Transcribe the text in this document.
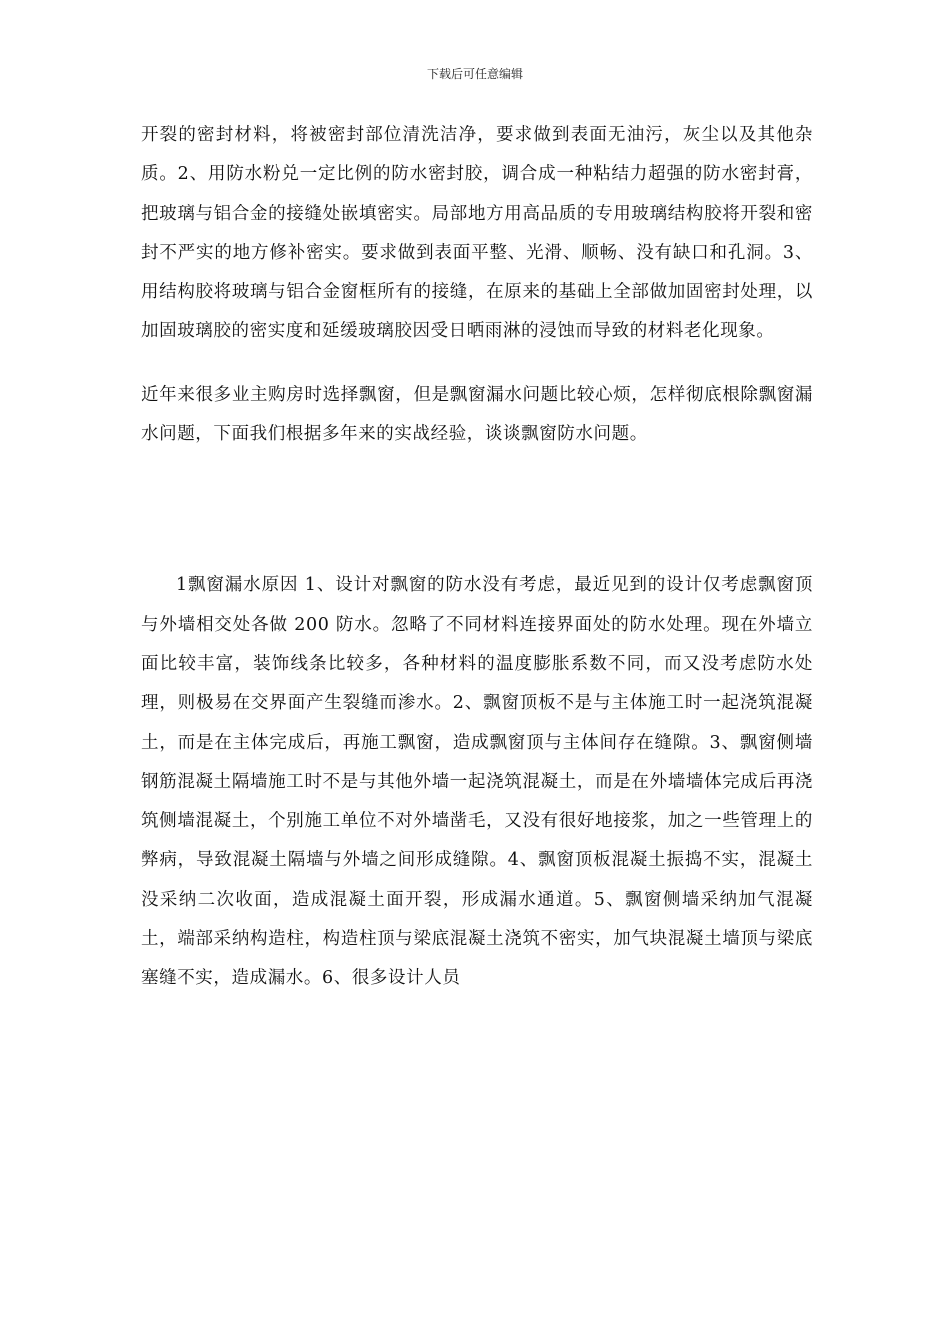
下载后可任意编辑

开裂的密封材料，将被密封部位清洗洁净，要求做到表面无油污，灰尘以及其他杂质。2、用防水粉兑一定比例的防水密封胶，调合成一种粘结力超强的防水密封膏，把玻璃与铝合金的接缝处嵌填密实。局部地方用高品质的专用玻璃结构胶将开裂和密封不严实的地方修补密实。要求做到表面平整、光滑、顺畅、没有缺口和孔洞。3、用结构胶将玻璃与铝合金窗框所有的接缝，在原来的基础上全部做加固密封处理，以加固玻璃胶的密实度和延缓玻璃胶因受日晒雨淋的浸蚀而导致的材料老化现象。

近年来很多业主购房时选择飘窗，但是飘窗漏水问题比较心烦，怎样彻底根除飘窗漏水问题，下面我们根据多年来的实战经验，谈谈飘窗防水问题。

1飘窗漏水原因 1、设计对飘窗的防水没有考虑，最近见到的设计仅考虑飘窗顶与外墙相交处各做 200 防水。忽略了不同材料连接界面处的防水处理。现在外墙立面比较丰富，装饰线条比较多，各种材料的温度膨胀系数不同，而又没考虑防水处理，则极易在交界面产生裂缝而渗水。2、飘窗顶板不是与主体施工时一起浇筑混凝土，而是在主体完成后，再施工飘窗，造成飘窗顶与主体间存在缝隙。3、飘窗侧墙钢筋混凝土隔墙施工时不是与其他外墙一起浇筑混凝土，而是在外墙墙体完成后再浇筑侧墙混凝土，个别施工单位不对外墙凿毛，又没有很好地接浆，加之一些管理上的弊病，导致混凝土隔墙与外墙之间形成缝隙。4、飘窗顶板混凝土振捣不实，混凝土没采纳二次收面，造成混凝土面开裂，形成漏水通道。5、飘窗侧墙采纳加气混凝土，端部采纳构造柱，构造柱顶与梁底混凝土浇筑不密实，加气块混凝土墙顶与梁底塞缝不实，造成漏水。6、很多设计人员
